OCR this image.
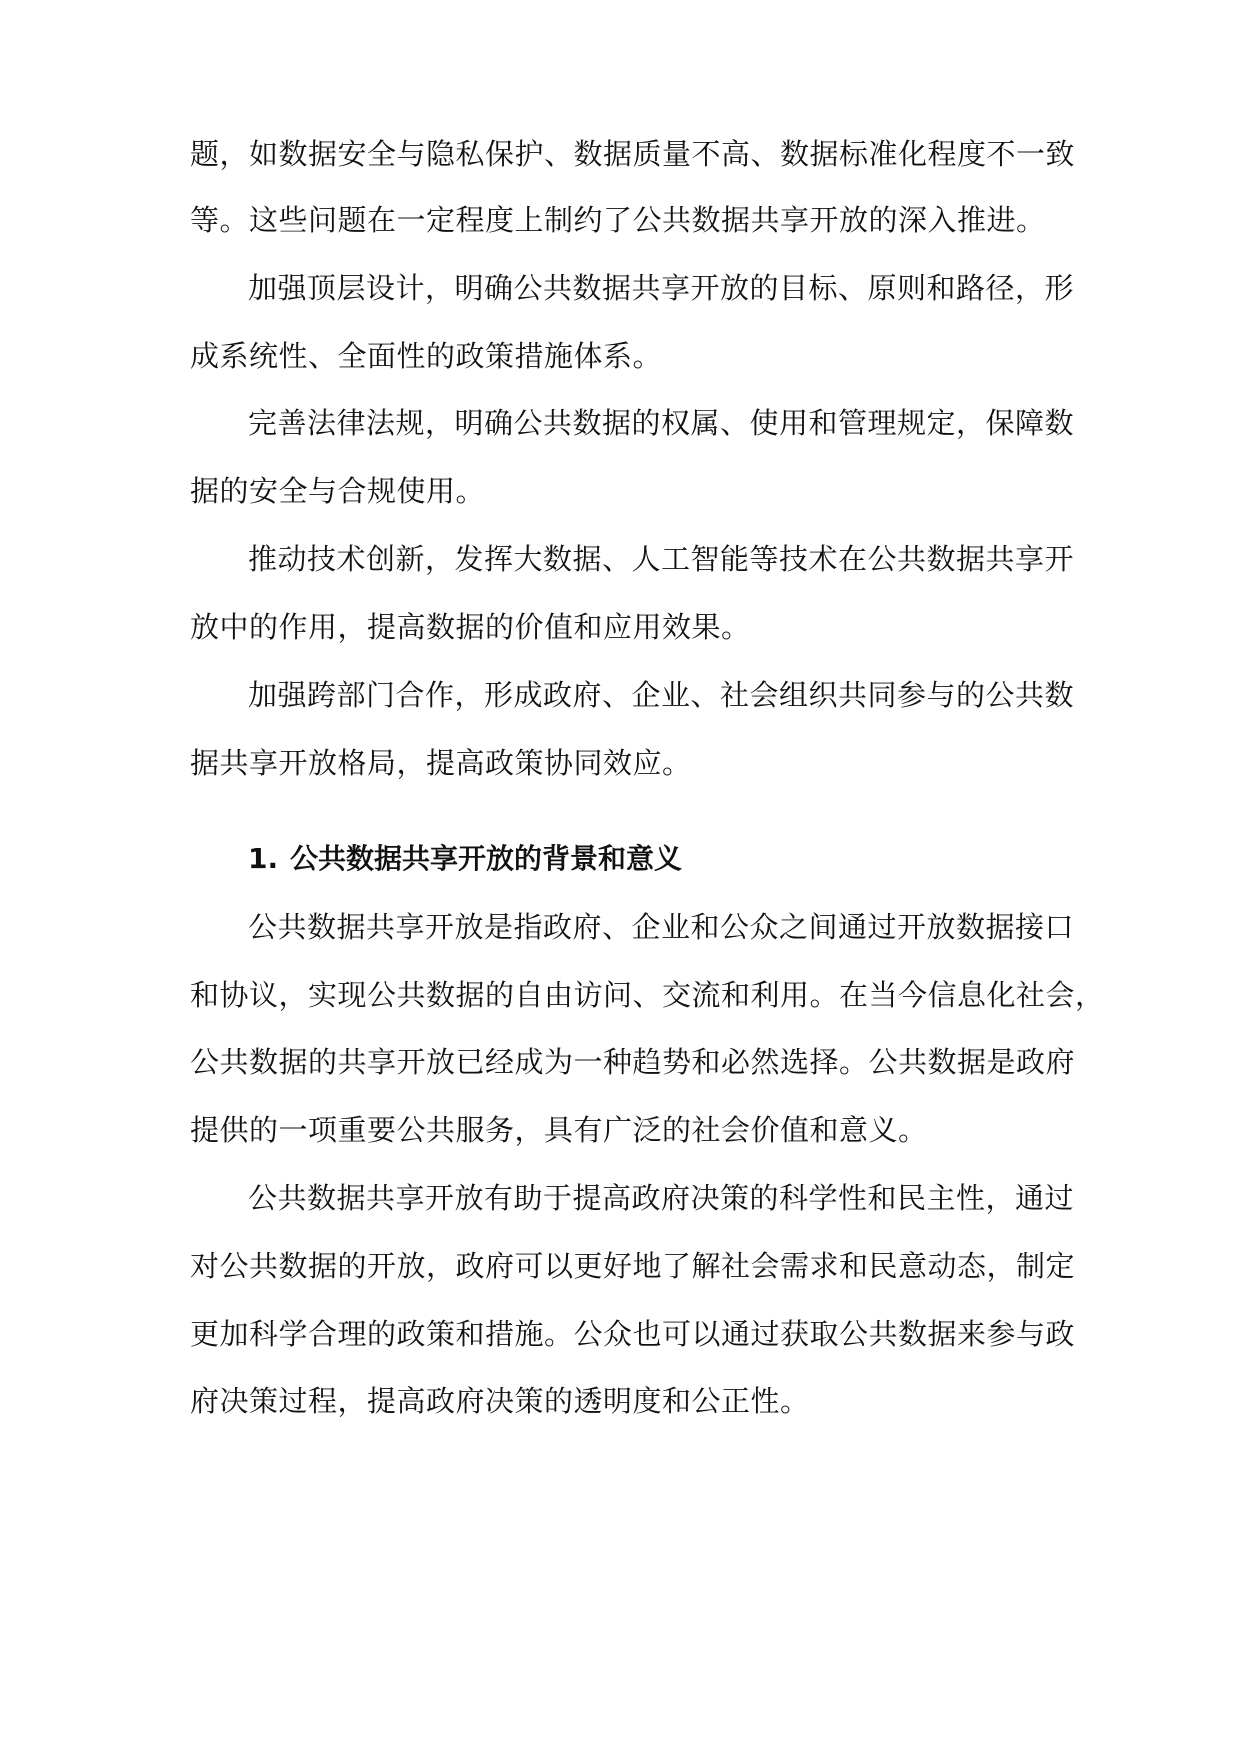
题，如数据安全与隐私保护、数据质量不高、数据标准化程度不一致
等。这些问题在一定程度上制约了公共数据共享开放的深入推进。
加强顶层设计，明确公共数据共享开放的目标、原则和路径，形
成系统性、全面性的政策措施体系。
完善法律法规，明确公共数据的权属、使用和管理规定，保障数
据的安全与合规使用。
推动技术创新，发挥大数据、人工智能等技术在公共数据共享开
放中的作用，提高数据的价值和应用效果。
加强跨部门合作，形成政府、企业、社会组织共同参与的公共数
据共享开放格局，提高政策协同效应。
1. 公共数据共享开放的背景和意义
公共数据共享开放是指政府、企业和公众之间通过开放数据接口
和协议，实现公共数据的自由访问、交流和利用。在当今信息化社会，
公共数据的共享开放已经成为一种趋势和必然选择。公共数据是政府
提供的一项重要公共服务，具有广泛的社会价值和意义。
公共数据共享开放有助于提高政府决策的科学性和民主性，通过
对公共数据的开放，政府可以更好地了解社会需求和民意动态，制定
更加科学合理的政策和措施。公众也可以通过获取公共数据来参与政
府决策过程，提高政府决策的透明度和公正性。
